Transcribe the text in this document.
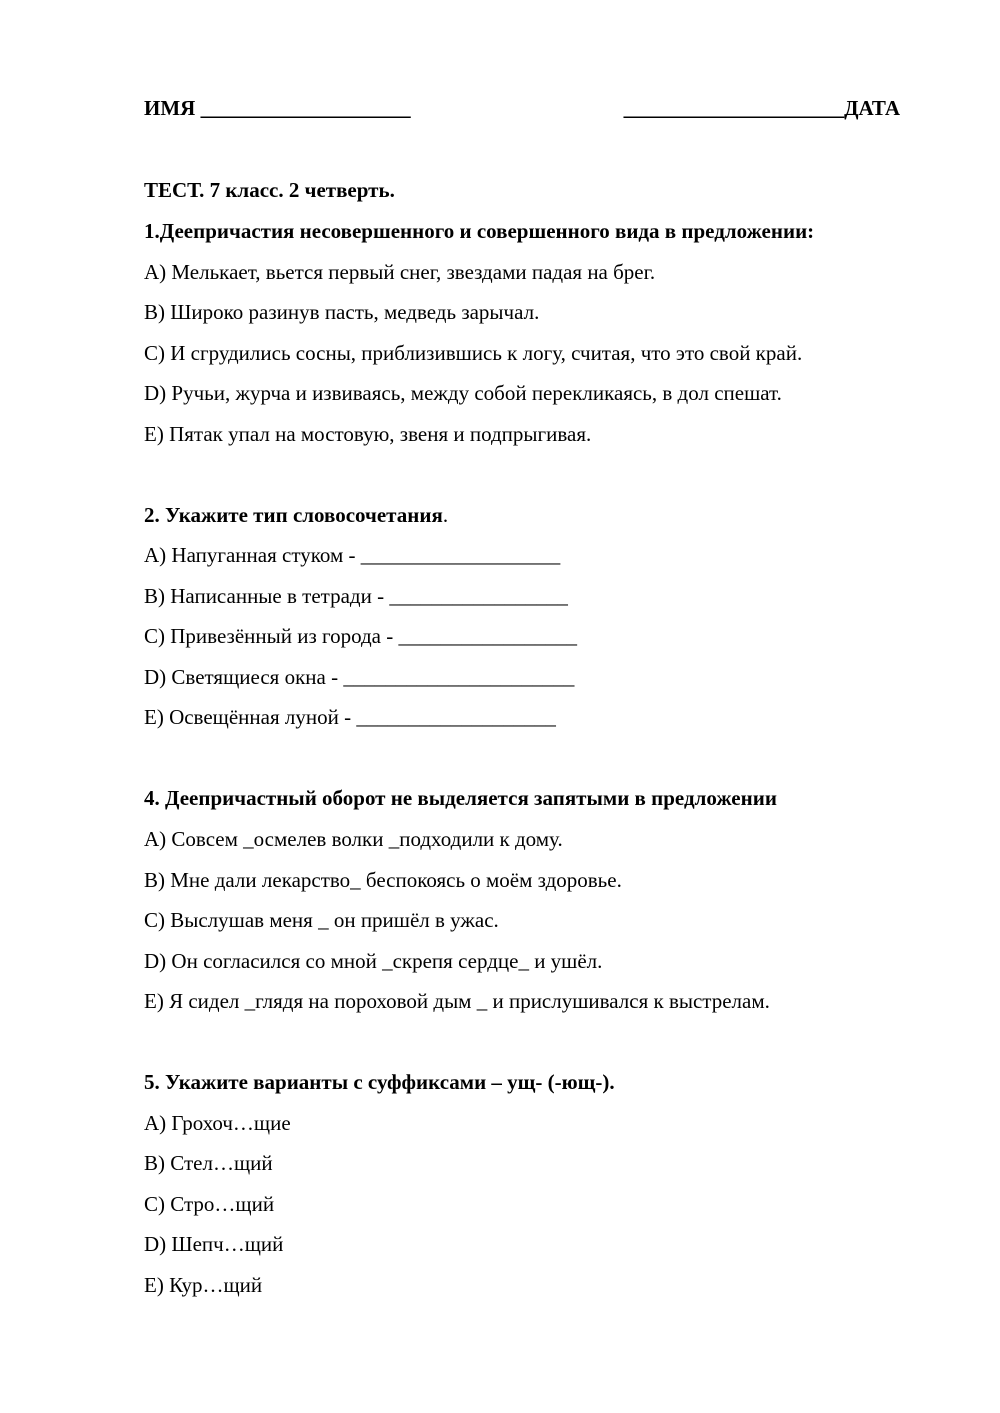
ИМЯ ____________________	_____________________ДАТА
ТЕСТ. 7 класс. 2 четверть.
1.Деепричастия несовершенного и совершенного вида в предложении:
A) Мелькает, вьется первый снег, звездами падая на брег.
B) Широко разинув пасть, медведь зарычал.
C) И сгрудились сосны, приблизившись к логу, считая, что это свой край.
D) Ручьи, журча и извиваясь, между собой перекликаясь, в дол спешат.
E) Пятак упал на мостовую, звеня и подпрыгивая.
2. Укажите тип словосочетания.
A) Напуганная стуком - ___________________
B) Написанные в тетради - _________________
C) Привезённый из города - _________________
D) Светящиеся окна - ______________________
E) Освещённая луной - ___________________
4. Деепричастный оборот не выделяется запятыми в предложении
A) Совсем _осмелев волки _подходили к дому.
B) Мне дали лекарство_ беспокоясь о моём здоровье.
C) Выслушав меня _ он пришёл в ужас.
D) Он согласился со мной _скрепя сердце_ и ушёл.
E) Я сидел _глядя на пороховой дым _ и прислушивался к выстрелам.
5. Укажите варианты с суффиксами – ущ- (-ющ-).
A) Грохоч…щие
B) Стел…щий
C) Стро…щий
D) Шепч…щий
E) Кур…щий
